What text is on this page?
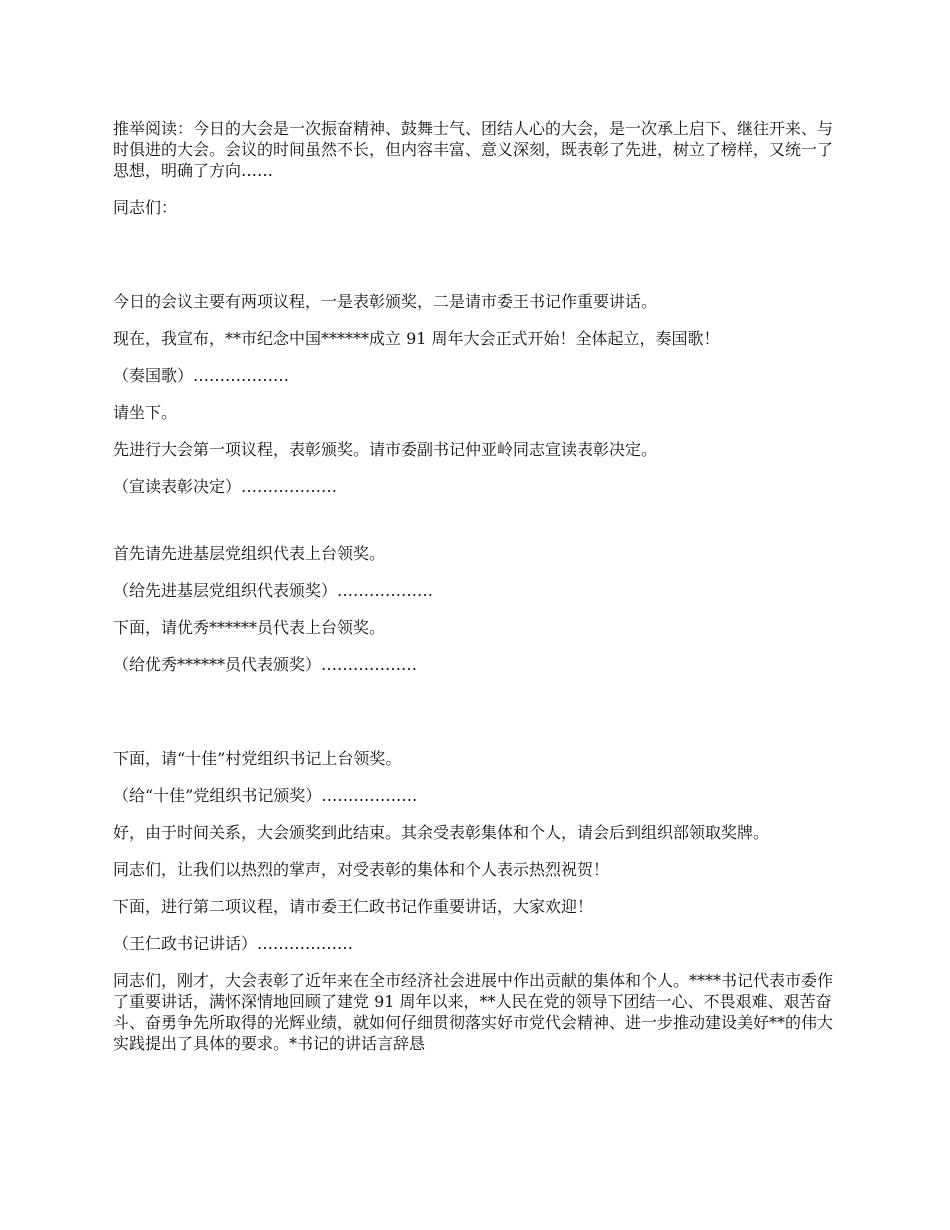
推举阅读：今日的大会是一次振奋精神、鼓舞士气、团结人心的大会，是一次承上启下、继往开来、与时俱进的大会。会议的时间虽然不长，但内容丰富、意义深刻，既表彰了先进，树立了榜样，又统一了思想，明确了方向……

同志们：

今日的会议主要有两项议程，一是表彰颁奖，二是请市委王书记作重要讲话。

现在，我宣布，**市纪念中国******成立 91 周年大会正式开始！全体起立，奏国歌！

（奏国歌）………………

请坐下。

先进行大会第一项议程，表彰颁奖。请市委副书记仲亚岭同志宣读表彰决定。

（宣读表彰决定）………………

首先请先进基层党组织代表上台领奖。

（给先进基层党组织代表颁奖）………………

下面，请优秀******员代表上台领奖。

（给优秀******员代表颁奖）………………

下面，请“十佳”村党组织书记上台领奖。

（给“十佳”党组织书记颁奖）………………

好，由于时间关系，大会颁奖到此结束。其余受表彰集体和个人，请会后到组织部领取奖牌。

同志们，让我们以热烈的掌声，对受表彰的集体和个人表示热烈祝贺！

下面，进行第二项议程，请市委王仁政书记作重要讲话，大家欢迎！

（王仁政书记讲话）………………

同志们，刚才，大会表彰了近年来在全市经济社会进展中作出贡献的集体和个人。****书记代表市委作了重要讲话，满怀深情地回顾了建党 91 周年以来，**人民在党的领导下团结一心、不畏艰难、艰苦奋斗、奋勇争先所取得的光辉业绩，就如何仔细贯彻落实好市党代会精神、进一步推动建设美好**的伟大实践提出了具体的要求。*书记的讲话言辞恳
